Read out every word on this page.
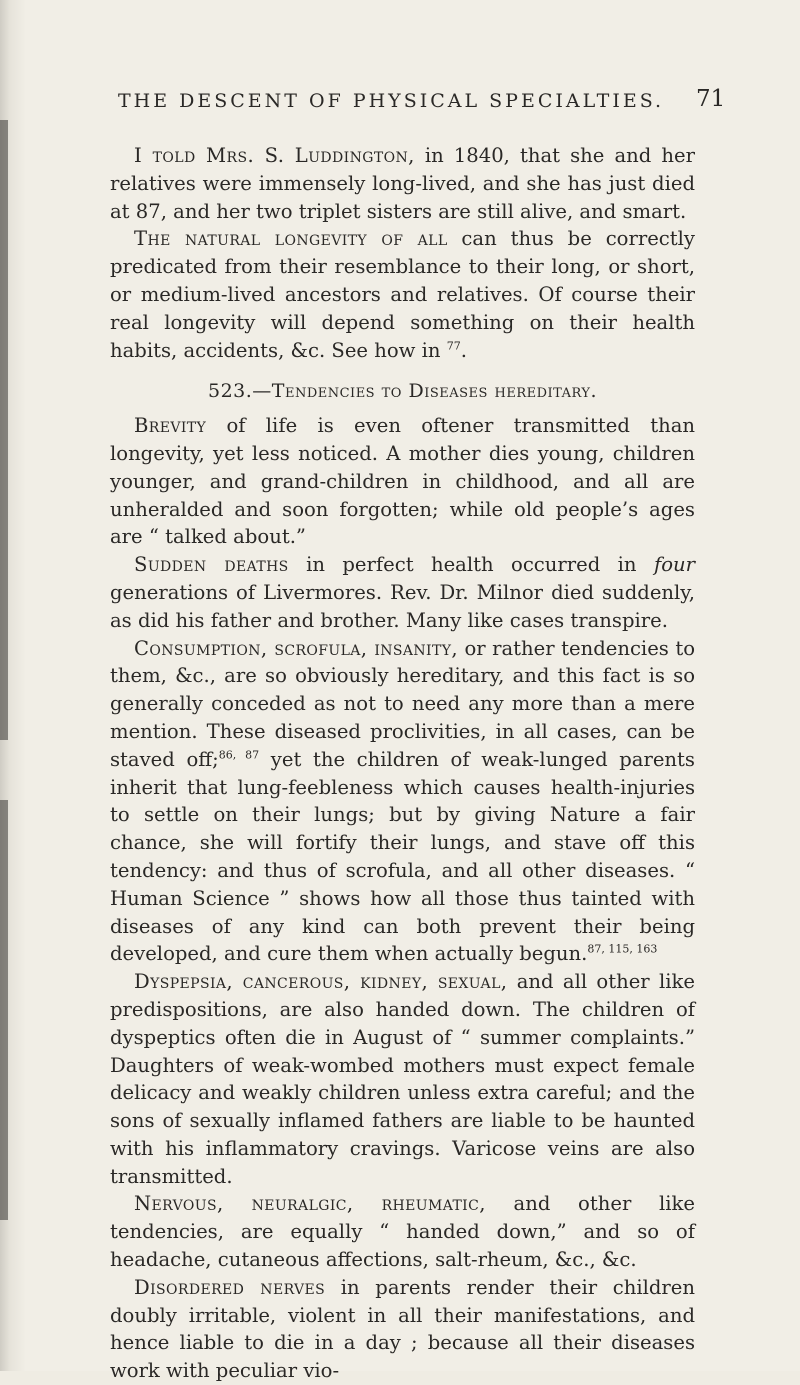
THE DESCENT OF PHYSICAL SPECIALTIES. 71

I told Mrs. S. Luddington, in 1840, that she and her relatives were immensely long-lived, and she has just died at 87, and her two triplet sisters are still alive, and smart.

The natural longevity of all can thus be correctly predicated from their resemblance to their long, or short, or medium-lived ancestors and relatives. Of course their real longevity will depend something on their health habits, accidents, &c. See how in $^{77}$.

523.—Tendencies to Diseases hereditary.

Brevity of life is even oftener transmitted than longevity, yet less noticed. A mother dies young, children younger, and grand-children in childhood, and all are unheralded and soon forgotten; while old people’s ages are “ talked about.”

Sudden deaths in perfect health occurred in four generations of Livermores. Rev. Dr. Milnor died suddenly, as did his father and brother. Many like cases transpire.

Consumption, scrofula, insanity, or rather tendencies to them, &c., are so obviously hereditary, and this fact is so generally conceded as not to need any more than a mere mention. These diseased proclivities, in all cases, can be staved off;$^{86, 87}$ yet the children of weak-lunged parents inherit that lung-feebleness which causes health-injuries to settle on their lungs; but by giving Nature a fair chance, she will fortify their lungs, and stave off this tendency: and thus of scrofula, and all other diseases. “ Human Science ” shows how all those thus tainted with diseases of any kind can both prevent their being developed, and cure them when actually begun.$^{87, 115, 163}$

Dyspepsia, cancerous, kidney, sexual, and all other like predispositions, are also handed down. The children of dyspeptics often die in August of “ summer complaints.” Daughters of weak-wombed mothers must expect female delicacy and weakly children unless extra careful; and the sons of sexually inflamed fathers are liable to be haunted with his inflammatory cravings. Varicose veins are also transmitted.

Nervous, neuralgic, rheumatic, and other like tendencies, are equally “ handed down,” and so of headache, cutaneous affections, salt-rheum, &c., &c.

Disordered nerves in parents render their children doubly irritable, violent in all their manifestations, and hence liable to die in a day ; because all their diseases work with peculiar vio-
